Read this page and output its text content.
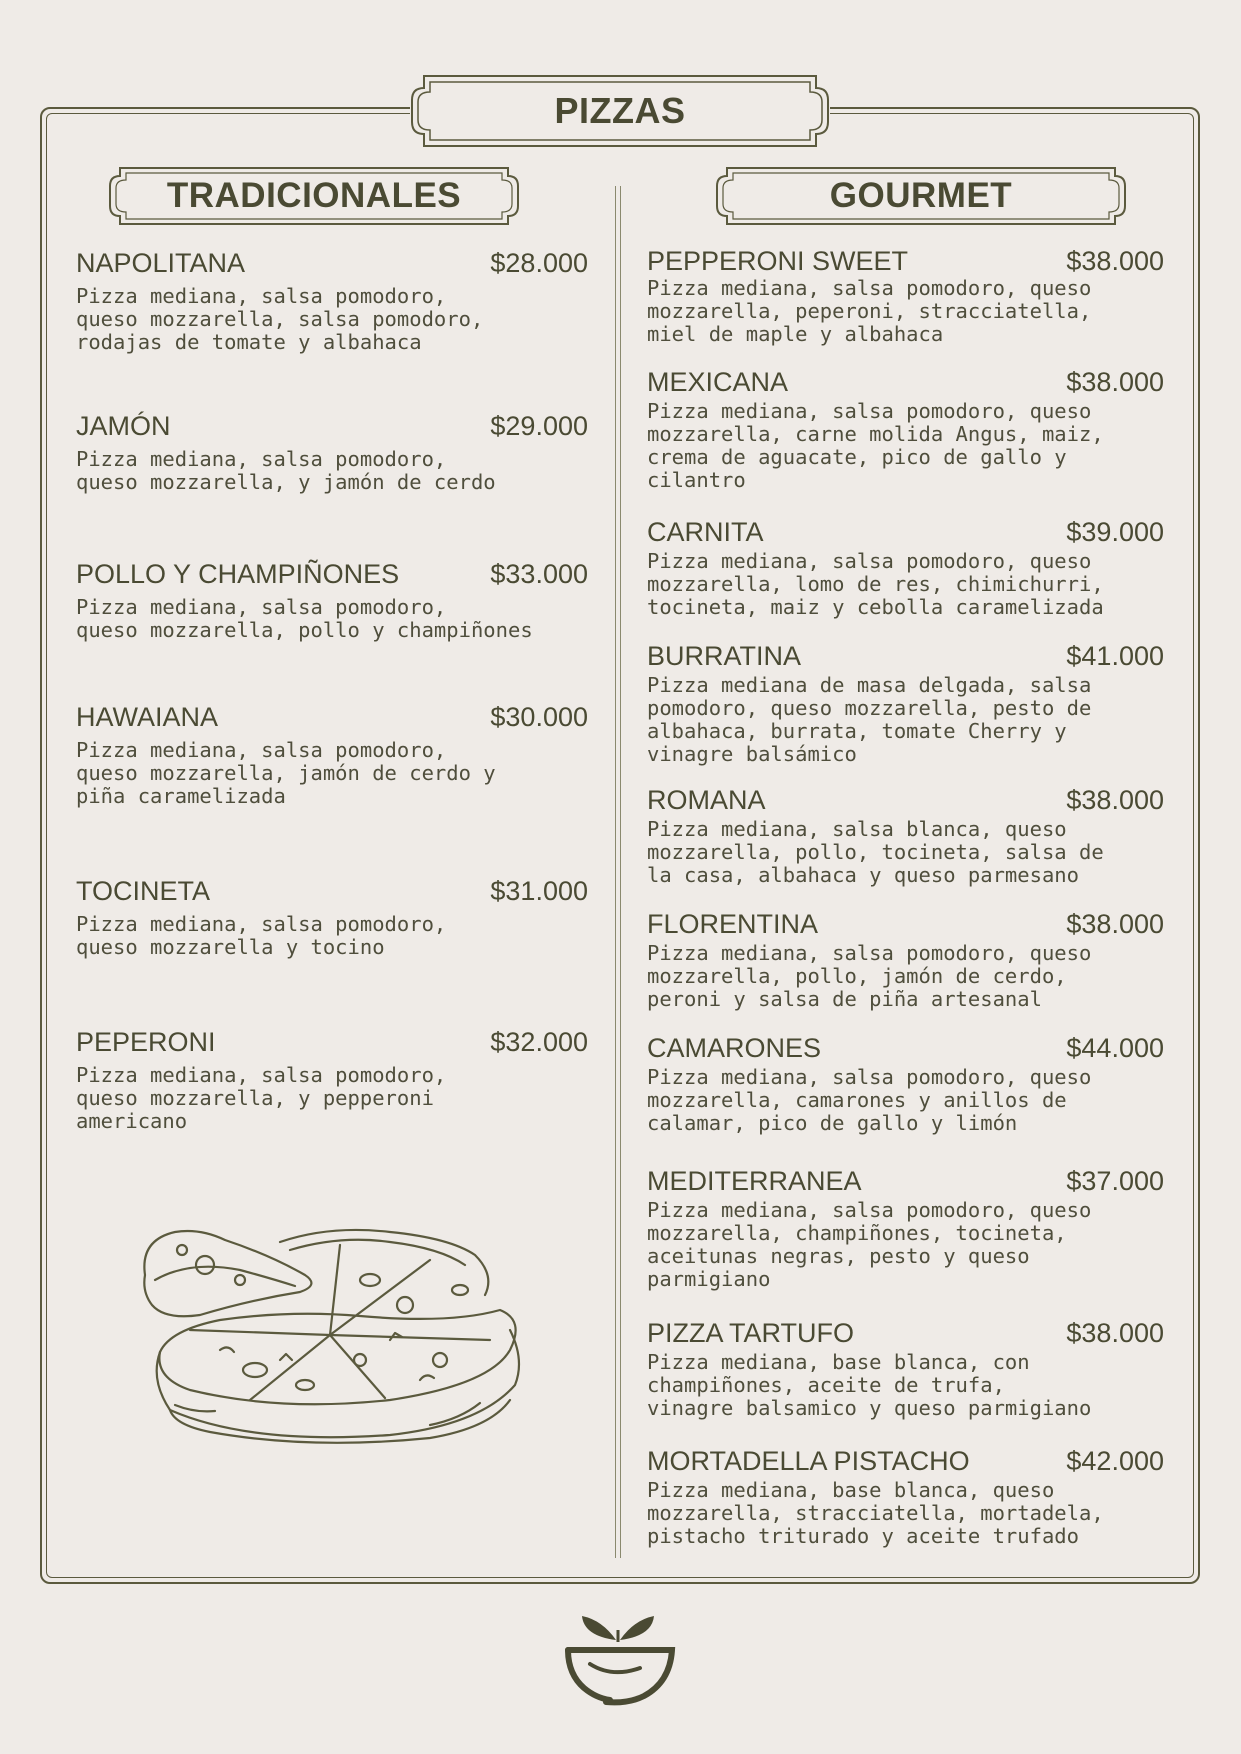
PIZZAS
TRADICIONALES	GOURMET
NAPOLITANA	$28.000
Pizza mediana, salsa pomodoro,
queso mozzarella, salsa pomodoro,
rodajas de tomate y albahaca
JAMÓN	$29.000
Pizza mediana, salsa pomodoro,
queso mozzarella, y jamón de cerdo
POLLO Y CHAMPIÑONES	$33.000
Pizza mediana, salsa pomodoro,
queso mozzarella, pollo y champiñones
HAWAIANA	$30.000
Pizza mediana, salsa pomodoro,
queso mozzarella, jamón de cerdo y
piña caramelizada
TOCINETA	$31.000
Pizza mediana, salsa pomodoro,
queso mozzarella y tocino
PEPERONI	$32.000
Pizza mediana, salsa pomodoro,
queso mozzarella, y pepperoni
americano
PEPPERONI SWEET	$38.000
Pizza mediana, salsa pomodoro, queso
mozzarella, peperoni, stracciatella,
miel de maple y albahaca
MEXICANA	$38.000
Pizza mediana, salsa pomodoro, queso
mozzarella, carne molida Angus, maiz,
crema de aguacate, pico de gallo y
cilantro
CARNITA	$39.000
Pizza mediana, salsa pomodoro, queso
mozzarella, lomo de res, chimichurri,
tocineta, maiz y cebolla caramelizada
BURRATINA	$41.000
Pizza mediana de masa delgada, salsa
pomodoro, queso mozzarella, pesto de
albahaca, burrata, tomate Cherry y
vinagre balsámico
ROMANA	$38.000
Pizza mediana, salsa blanca, queso
mozzarella, pollo, tocineta, salsa de
la casa, albahaca y queso parmesano
FLORENTINA	$38.000
Pizza mediana, salsa pomodoro, queso
mozzarella, pollo, jamón de cerdo,
peroni y salsa de piña artesanal
CAMARONES	$44.000
Pizza mediana, salsa pomodoro, queso
mozzarella, camarones y anillos de
calamar, pico de gallo y limón
MEDITERRANEA	$37.000
Pizza mediana, salsa pomodoro, queso
mozzarella, champiñones, tocineta,
aceitunas negras, pesto y queso
parmigiano
PIZZA TARTUFO	$38.000
Pizza mediana, base blanca, con
champiñones, aceite de trufa,
vinagre balsamico y queso parmigiano
MORTADELLA PISTACHO	$42.000
Pizza mediana, base blanca, queso
mozzarella, stracciatella, mortadela,
pistacho triturado y aceite trufado
